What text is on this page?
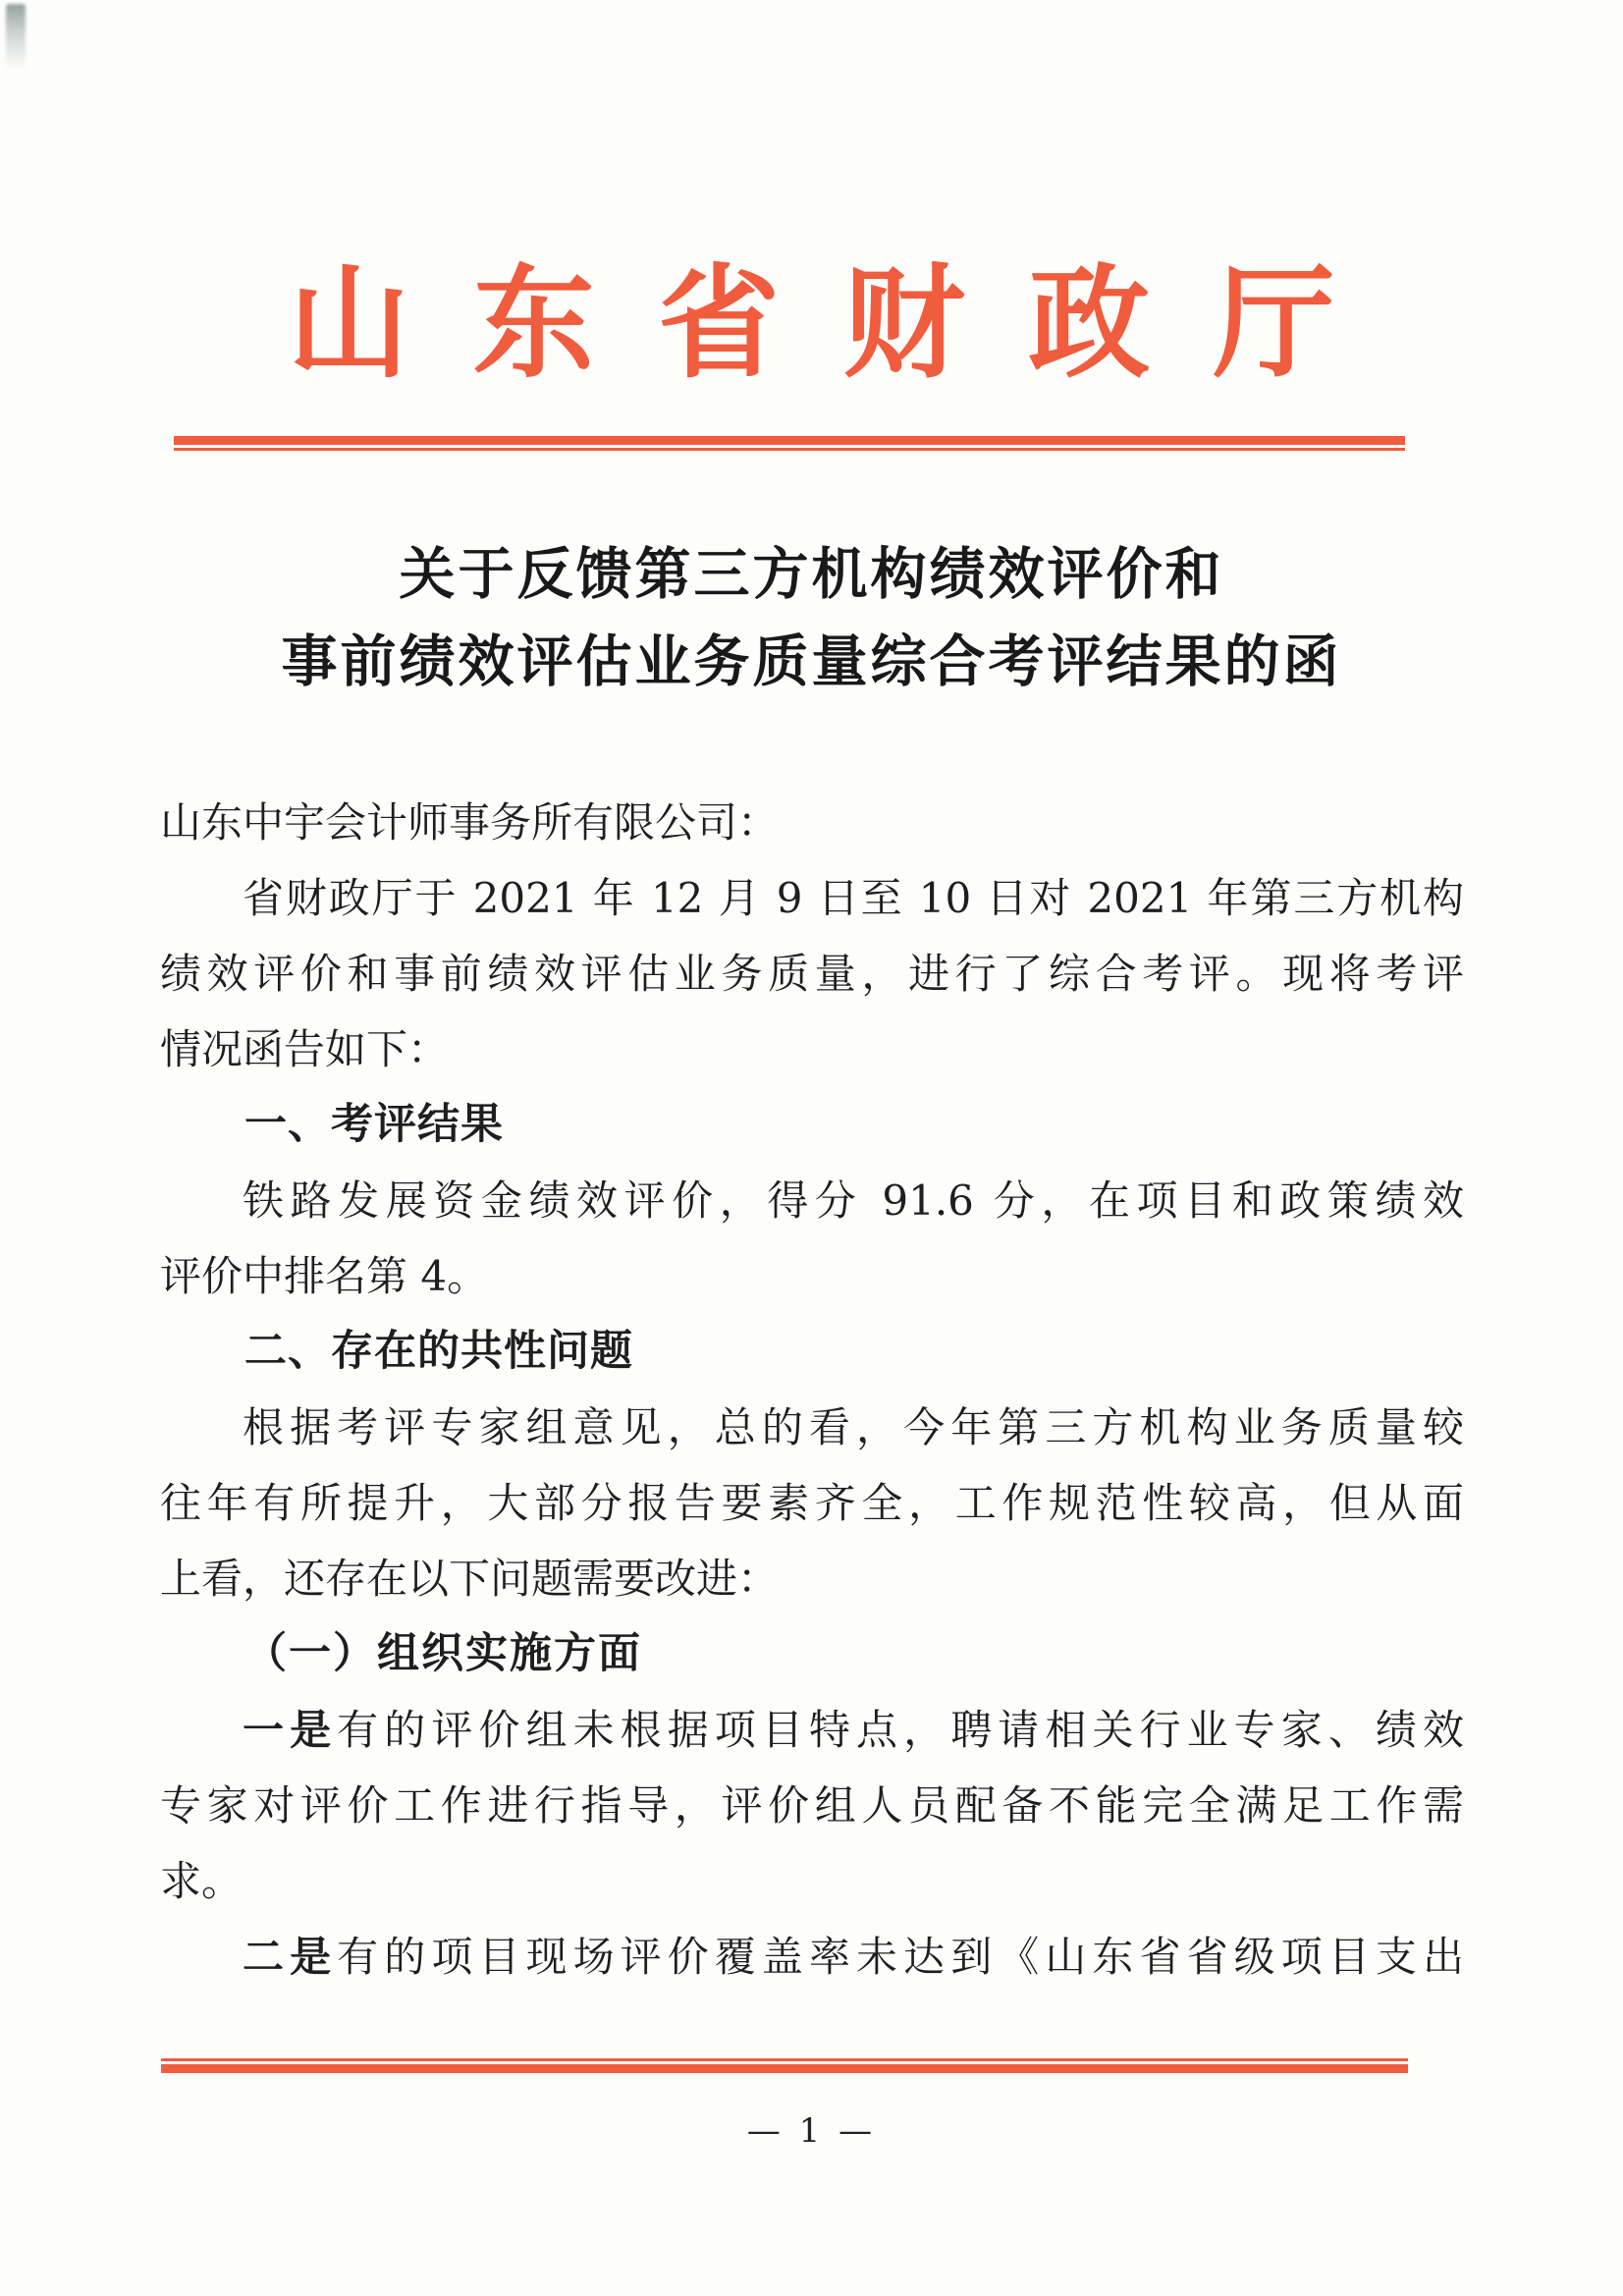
山东省财政厅
关于反馈第三方机构绩效评价和
事前绩效评估业务质量综合考评结果的函

山东中宇会计师事务所有限公司：

省财政厅于 2021 年 12 月 9 日至 10 日对 2021 年第三方机构

绩效评价和事前绩效评估业务质量，进行了综合考评。现将考评

情况函告如下：

一、考评结果

铁路发展资金绩效评价，得分 91.6 分，在项目和政策绩效

评价中排名第 4。

二、存在的共性问题

根据考评专家组意见，总的看，今年第三方机构业务质量较

往年有所提升，大部分报告要素齐全，工作规范性较高，但从面

上看，还存在以下问题需要改进：

（一）组织实施方面

一是有的评价组未根据项目特点，聘请相关行业专家、绩效

专家对评价工作进行指导，评价组人员配备不能完全满足工作需

求。

二是有的项目现场评价覆盖率未达到《山东省省级项目支出

— 1 —
